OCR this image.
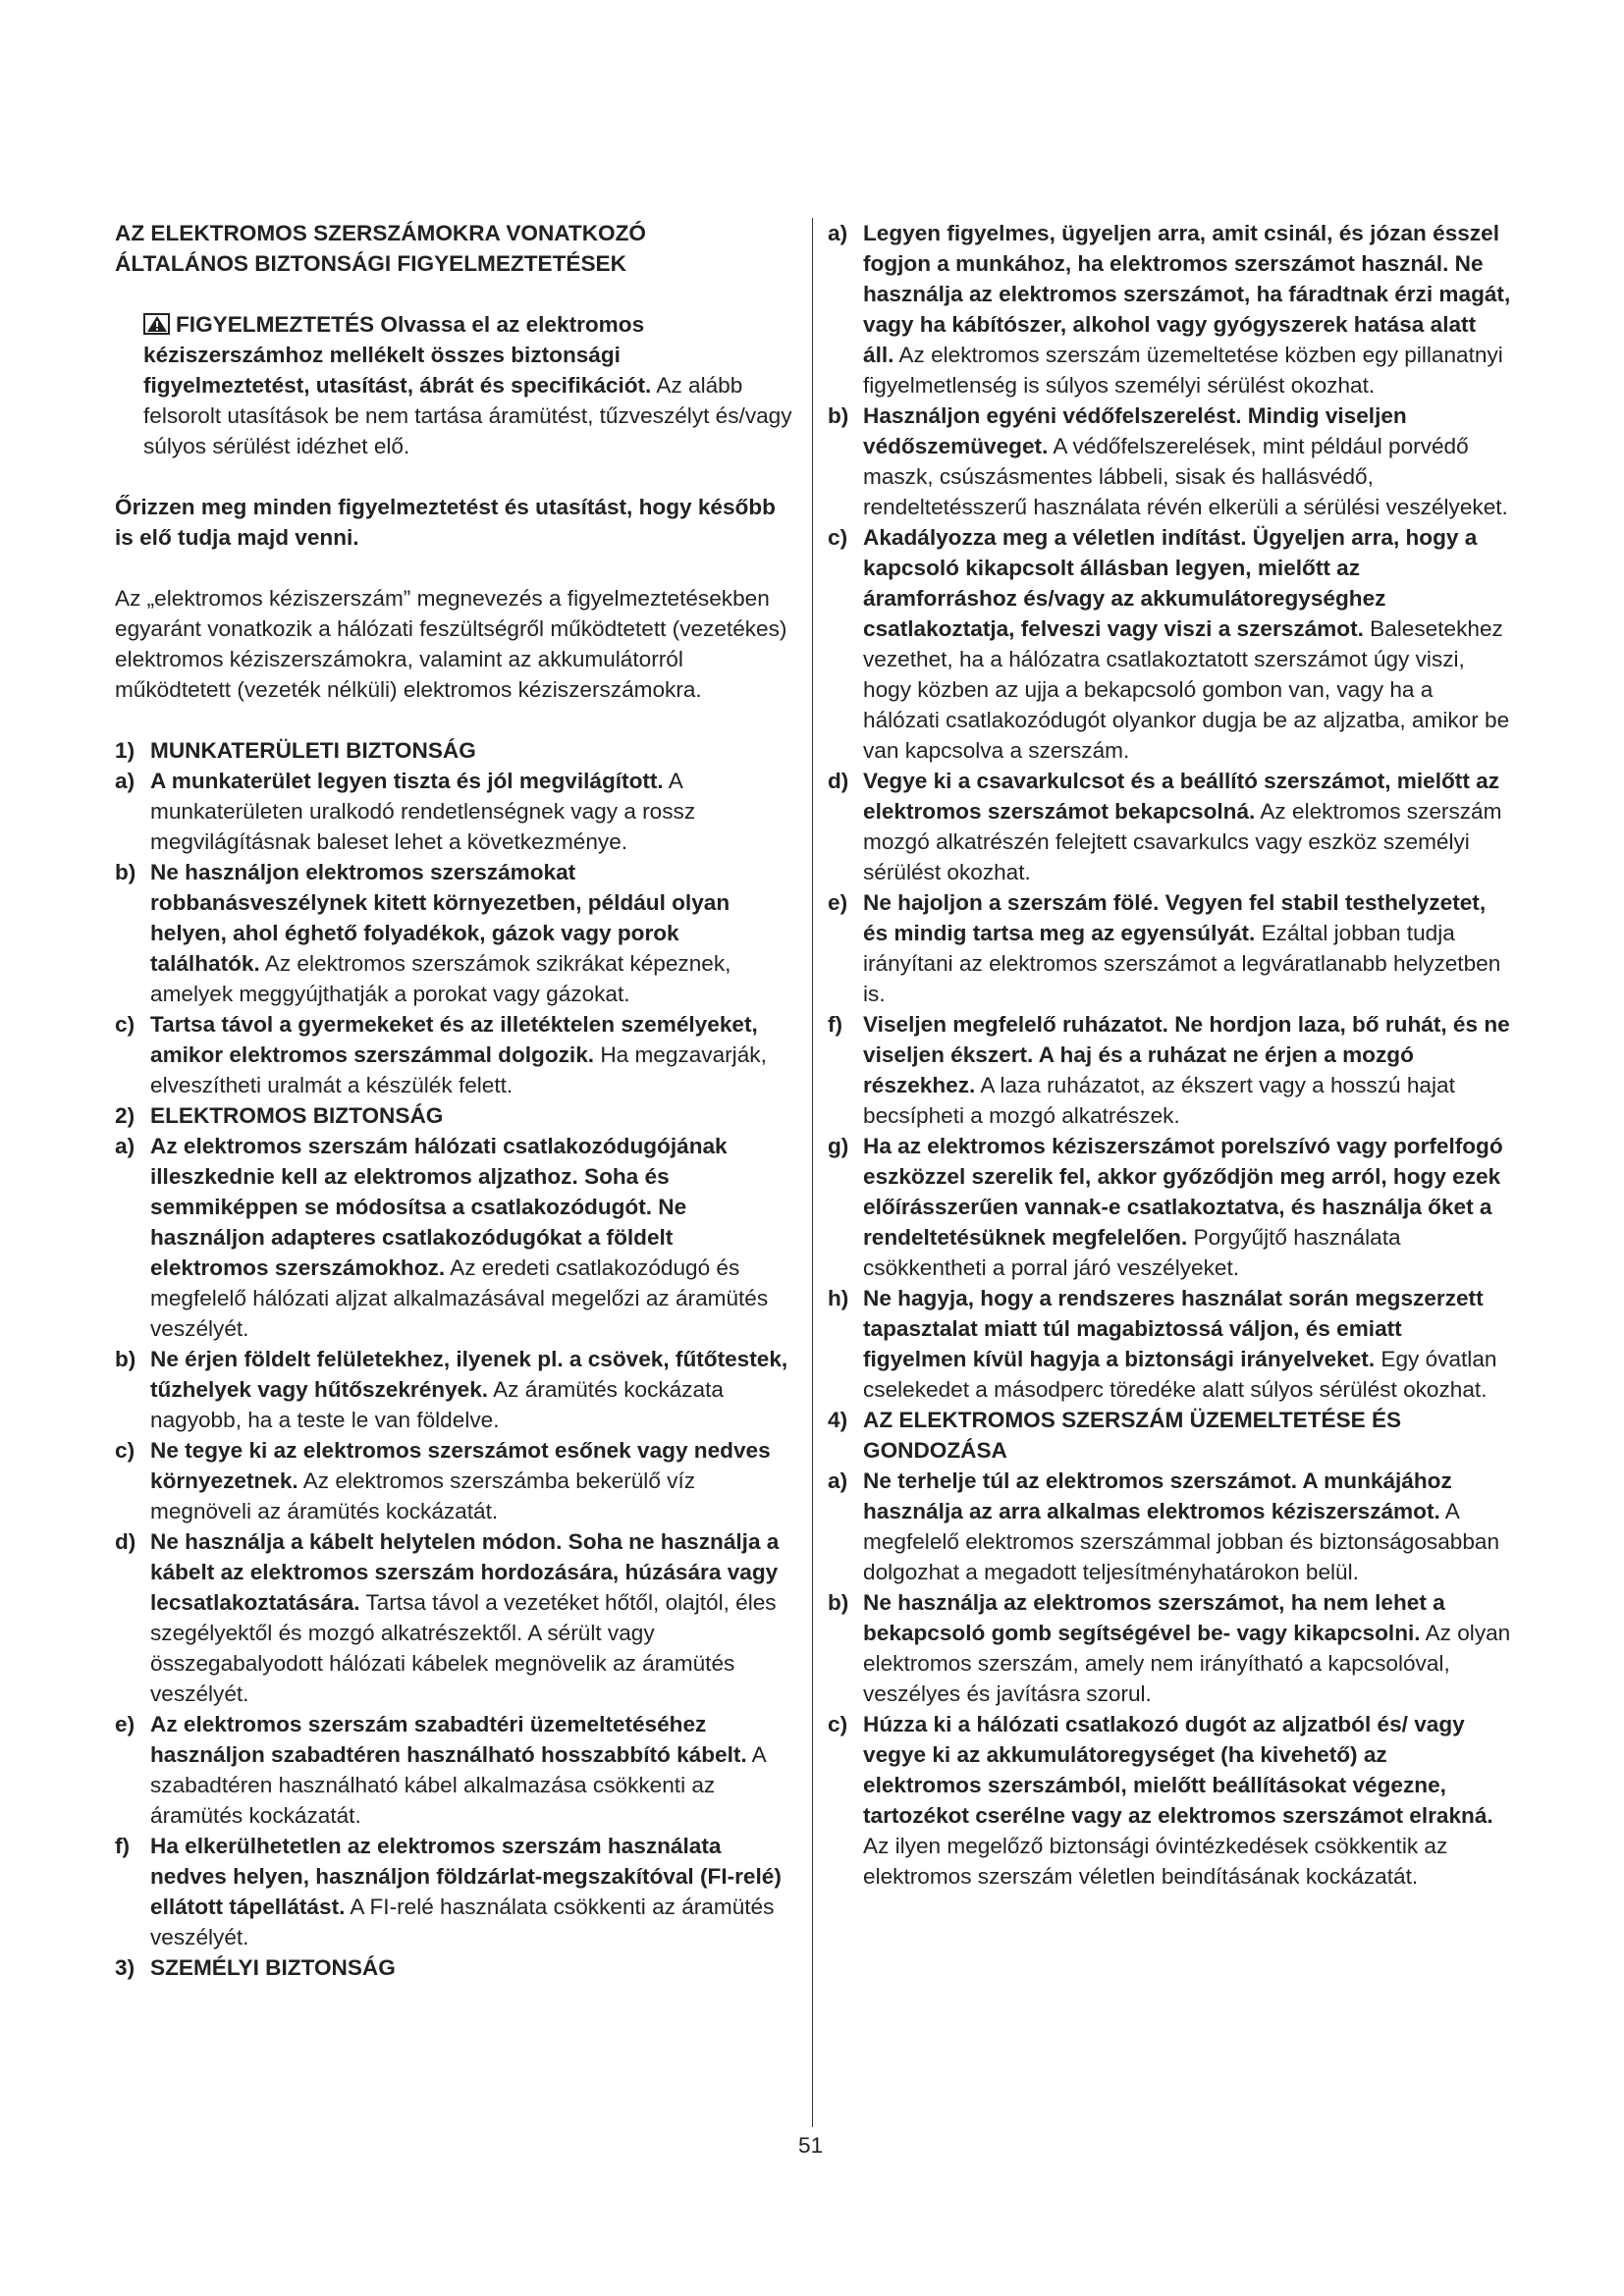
AZ ELEKTROMOS SZERSZÁMOKRA VONATKOZÓ
ÁLTALÁNOS BIZTONSÁGI FIGYELMEZTETÉSEK
FIGYELMEZTETÉS Olvassa el az elektromos kéziszerszámhoz mellékelt összes biztonsági figyelmeztetést, utasítást, ábrát és specifikációt. Az alább felsorolt utasítások be nem tartása áramütést, tűzveszélyt és/vagy súlyos sérülést idézhet elő.
Őrizzen meg minden figyelmeztetést és utasítást, hogy később is elő tudja majd venni.
Az „elektromos kéziszerszám” megnevezés a figyelmeztetésekben egyaránt vonatkozik a hálózati feszültségről működtetett (vezetékes) elektromos kéziszerszámokra, valamint az akkumulátorról működtetett (vezeték nélküli) elektromos kéziszerszámokra.
1) MUNKATERÜLETI BIZTONSÁG
a) A munkaterület legyen tiszta és jól megvilágított. A munkaterületen uralkodó rendetlenségnek vagy a rossz megvilágításnak baleset lehet a következménye.
b) Ne használjon elektromos szerszámokat robbanásveszélynek kitett környezetben, például olyan helyen, ahol éghető folyadékok, gázok vagy porok találhatók. Az elektromos szerszámok szikrákat képeznek, amelyek meggyújthatják a porokat vagy gázokat.
c) Tartsa távol a gyermekeket és az illetéktelen személyeket, amikor elektromos szerszámmal dolgozik. Ha megzavarják, elveszítheti uralmát a készülék felett.
2) ELEKTROMOS BIZTONSÁG
a) Az elektromos szerszám hálózati csatlakozódugójának illeszkednie kell az elektromos aljzathoz. Soha és semmiképpen se módosítsa a csatlakozódugót. Ne használjon adapteres csatlakozódugókat a földelt elektromos szerszámokhoz. Az eredeti csatlakozódugó és megfelelő hálózati aljzat alkalmazásával megelőzi az áramütés veszélyét.
b) Ne érjen földelt felületekhez, ilyenek pl. a csövek, fűtőtestek, tűzhelyek vagy hűtőszekrények. Az áramütés kockázata nagyobb, ha a teste le van földelve.
c) Ne tegye ki az elektromos szerszámot esőnek vagy nedves környezetnek. Az elektromos szerszámba bekerülő víz megnöveli az áramütés kockázatát.
d) Ne használja a kábelt helytelen módon. Soha ne használja a kábelt az elektromos szerszám hordozására, húzására vagy lecsatlakoztatására. Tartsa távol a vezetéket hőtől, olajtól, éles szegélyektől és mozgó alkatrészektől. A sérült vagy összegabalyodott hálózati kábelek megnövelik az áramütés veszélyét.
e) Az elektromos szerszám szabadtéri üzemeltetéséhez használjon szabadtéren használható hosszabbító kábelt. A szabadtéren használható kábel alkalmazása csökkenti az áramütés kockázatát.
f) Ha elkerülhetetlen az elektromos szerszám használata nedves helyen, használjon földzárlat-megszakítóval (FI-relé) ellátott tápellátást. A FI-relé használata csökkenti az áramütés veszélyét.
3) SZEMÉLYI BIZTONSÁG
a) Legyen figyelmes, ügyeljen arra, amit csinál, és józan ésszel fogjon a munkához, ha elektromos szerszámot használ. Ne használja az elektromos szerszámot, ha fáradtnak érzi magát, vagy ha kábítószer, alkohol vagy gyógyszerek hatása alatt áll. Az elektromos szerszám üzemeltetése közben egy pillanatnyi figyelmetlenség is súlyos személyi sérülést okozhat.
b) Használjon egyéni védőfelszerelést. Mindig viseljen védőszemüveget. A védőfelszerelések, mint például porvédő maszk, csúszásmentes lábbeli, sisak és hallásvédő, rendeltetésszerű használata révén elkerüli a sérülési veszélyeket.
c) Akadályozza meg a véletlen indítást. Ügyeljen arra, hogy a kapcsoló kikapcsolt állásban legyen, mielőtt az áramforráshoz és/vagy az akkumulátoregységhez csatlakoztatja, felveszi vagy viszi a szerszámot. Balesetekhez vezethet, ha a hálózatra csatlakoztatott szerszámot úgy viszi, hogy közben az ujja a bekapcsoló gombon van, vagy ha a hálózati csatlakozódugót olyankor dugja be az aljzatba, amikor be van kapcsolva a szerszám.
d) Vegye ki a csavarkulcsot és a beállító szerszámot, mielőtt az elektromos szerszámot bekapcsolná. Az elektromos szerszám mozgó alkatrészén felejtett csavarkulcs vagy eszköz személyi sérülést okozhat.
e) Ne hajoljon a szerszám fölé. Vegyen fel stabil testhelyzetet, és mindig tartsa meg az egyensúlyát. Ezáltal jobban tudja irányítani az elektromos szerszámot a legváratlanabb helyzetben is.
f) Viseljen megfelelő ruházatot. Ne hordjon laza, bő ruhát, és ne viseljen ékszert. A haj és a ruházat ne érjen a mozgó részekhez. A laza ruházatot, az ékszert vagy a hosszú hajat becsípheti a mozgó alkatrészek.
g) Ha az elektromos kéziszerszámot porelszívó vagy porfelfogó eszközzel szerelik fel, akkor győződjön meg arról, hogy ezek előírásszerűen vannak-e csatlakoztatva, és használja őket a rendeltetésüknek megfelelően. Porgyűjtő használata csökkentheti a porral járó veszélyeket.
h) Ne hagyja, hogy a rendszeres használat során megszerzett tapasztalat miatt túl magabiztossá váljon, és emiatt figyelmen kívül hagyja a biztonsági irányelveket. Egy óvatlan cselekedet a másodperc töredéke alatt súlyos sérülést okozhat.
4) AZ ELEKTROMOS SZERSZÁM ÜZEMELTETÉSE ÉS GONDOZÁSA
a) Ne terhelje túl az elektromos szerszámot. A munkájához használja az arra alkalmas elektromos kéziszerszámot. A megfelelő elektromos szerszámmal jobban és biztonságosabban dolgozhat a megadott teljesítményhatárokon belül.
b) Ne használja az elektromos szerszámot, ha nem lehet a bekapcsoló gomb segítségével be- vagy kikapcsolni. Az olyan elektromos szerszám, amely nem irányítható a kapcsolóval, veszélyes és javításra szorul.
c) Húzza ki a hálózati csatlakozó dugót az aljzatból és/ vagy vegye ki az akkumulátoregységet (ha kivehető) az elektromos szerszámból, mielőtt beállításokat végezne, tartozékot cserélne vagy az elektromos szerszámot elrakná. Az ilyen megelőző biztonsági óvintézkedések csökkentik az elektromos szerszám véletlen beindításának kockázatát.
51
